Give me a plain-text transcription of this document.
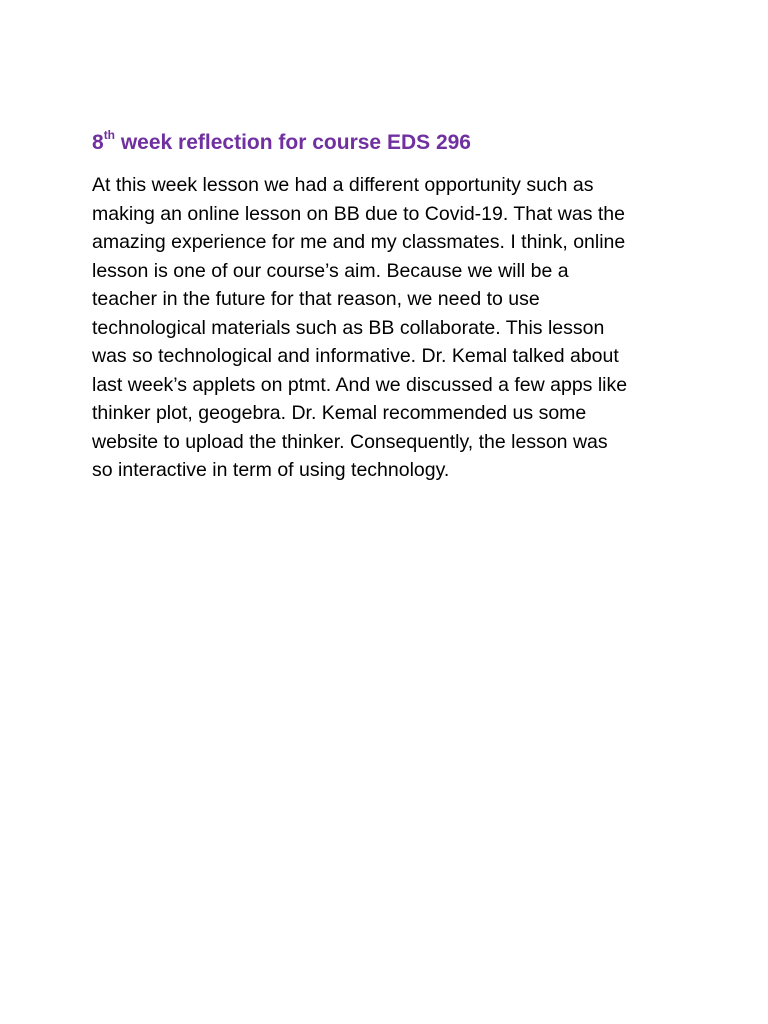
8th week reflection for course EDS 296

At this week lesson we had a different opportunity such as
making an online lesson on BB due to Covid-19. That was the
amazing experience for me and my classmates. I think, online
lesson is one of our course’s aim. Because we will be a
teacher in the future for that reason, we need to use
technological materials such as BB collaborate. This lesson
was so technological and informative. Dr. Kemal talked about
last week’s applets on ptmt. And we discussed a few apps like
thinker plot, geogebra. Dr. Kemal recommended us some
website to upload the thinker. Consequently, the lesson was
so interactive in term of using technology.
